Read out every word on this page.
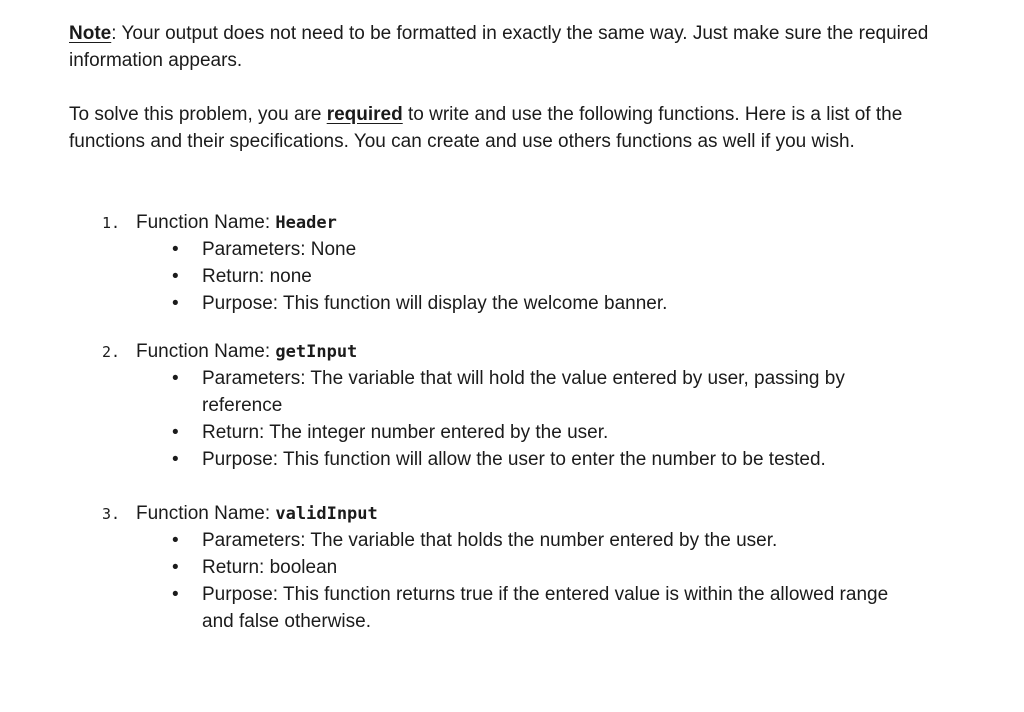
Note: Your output does not need to be formatted in exactly the same way. Just make sure the required information appears.

To solve this problem, you are required to write and use the following functions. Here is a list of the functions and their specifications. You can create and use others functions as well if you wish.

1. Function Name: Header
• Parameters: None
• Return: none
• Purpose: This function will display the welcome banner.
2. Function Name: getInput
• Parameters: The variable that will hold the value entered by user, passing by reference
• Return: The integer number entered by the user.
• Purpose: This function will allow the user to enter the number to be tested.
3. Function Name: validInput
• Parameters: The variable that holds the number entered by the user.
• Return: boolean
• Purpose: This function returns true if the entered value is within the allowed range and false otherwise.
